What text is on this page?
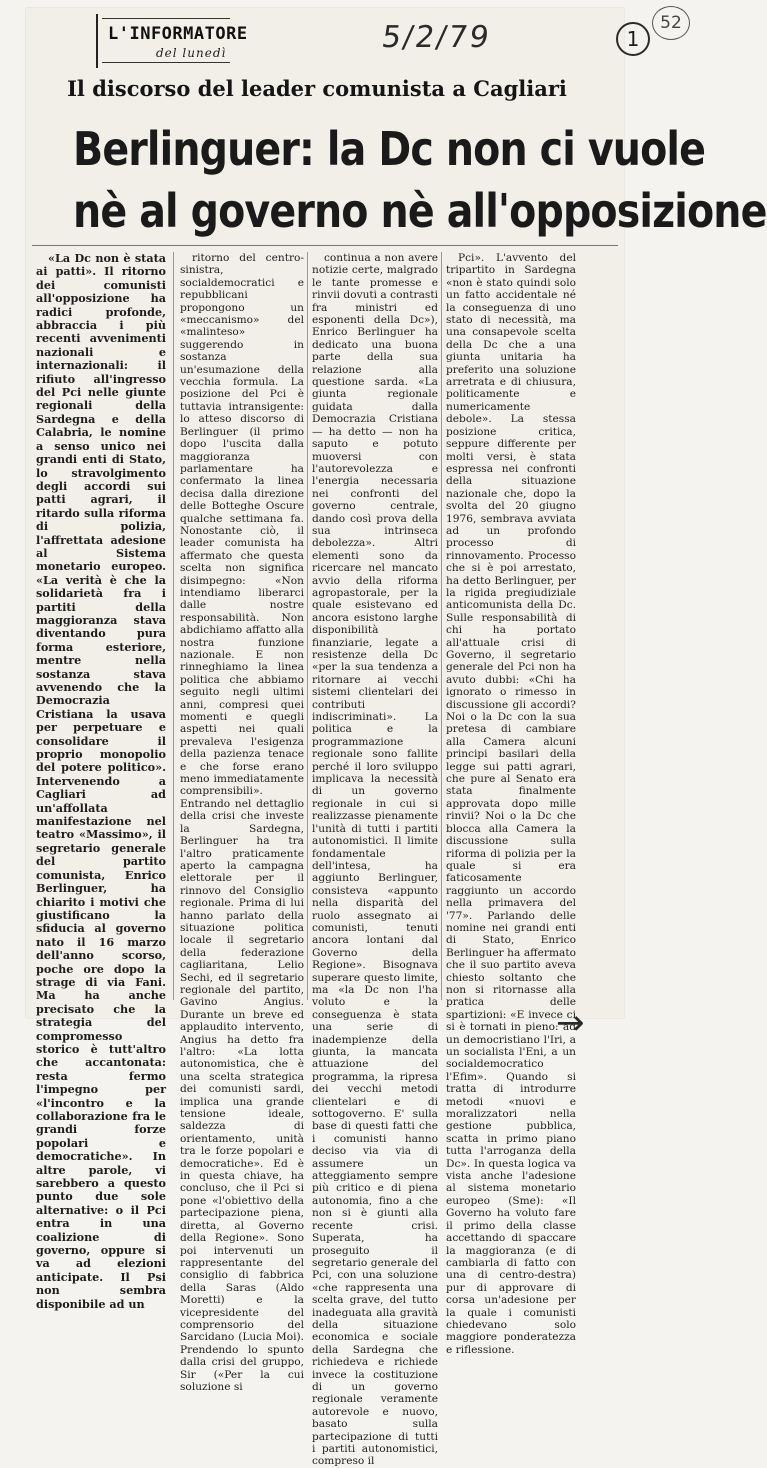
L'INFORMATORE
del lunedì	5/2/79	1
52
Il discorso del leader comunista a Cagliari
Berlinguer: la Dc non ci vuole
nè al governo nè all'opposizione

«La Dc non è stata ai patti». Il ritorno dei comunisti all'opposizione ha radici profonde, abbraccia i più recenti avvenimenti nazionali e internazionali: il rifiuto all'ingresso del Pci nelle giunte regionali della Sardegna e della Calabria, le nomine a senso unico nei grandi enti di Stato, lo stravolgimento degli accordi sui patti agrari, il ritardo sulla riforma di polizia, l'affrettata adesione al Sistema monetario europeo. «La verità è che la solidarietà fra i partiti della maggioranza stava diventando pura forma esteriore, mentre nella sostanza stava avvenendo che la Democrazia Cristiana la usava per perpetuare e consolidare il proprio monopolio del potere politico». Intervenendo a Cagliari ad un'affollata manifestazione nel teatro «Massimo», il segretario generale del partito comunista, Enrico Berlinguer, ha chiarito i motivi che giustificano la sfiducia al governo nato il 16 marzo dell'anno scorso, poche ore dopo la strage di via Fani. Ma ha anche precisato che la strategia del compromesso storico è tutt'altro che accantonata: resta fermo l'impegno per «l'incontro e la collaborazione fra le grandi forze popolari e democratiche». In altre parole, vi sarebbero a questo punto due sole alternative: o il Pci entra in una coalizione di governo, oppure si va ad elezioni anticipate. Il Psi non sembra disponibile ad un

ritorno del centro-sinistra, socialdemocratici e repubblicani propongono un «meccanismo» del «malinteso» suggerendo in sostanza un'esumazione della vecchia formula. La posizione del Pci è tuttavia intransigente: lo atteso discorso di Berlinguer (il primo dopo l'uscita dalla maggioranza parlamentare ha confermato la linea decisa dalla direzione delle Botteghe Oscure qualche settimana fa. Nonostante ciò, il leader comunista ha affermato che questa scelta non significa disimpegno: «Non intendiamo liberarci dalle nostre responsabilità. Non abdichiamo affatto alla nostra funzione nazionale. E non rinneghiamo la linea politica che abbiamo seguito negli ultimi anni, compresi quei momenti e quegli aspetti nei quali prevaleva l'esigenza della pazienza tenace e che forse erano meno immediatamente comprensibili». Entrando nel dettaglio della crisi che investe la Sardegna, Berlinguer ha tra l'altro praticamente aperto la campagna elettorale per il rinnovo del Consiglio regionale. Prima di lui hanno parlato della situazione politica locale il segretario della federazione cagliaritana, Lelio Sechi, ed il segretario regionale del partito, Gavino Angius. Durante un breve ed applaudito intervento, Angius ha detto fra l'altro: «La lotta autonomistica, che è una scelta strategica dei comunisti sardi, implica una grande tensione ideale, saldezza di orientamento, unità tra le forze popolari e democratiche». Ed è in questa chiave, ha concluso, che il Pci si pone «l'obiettivo della partecipazione piena, diretta, al Governo della Regione». Sono poi intervenuti un rappresentante del consiglio di fabbrica della Saras (Aldo Moretti) e la vicepresidente del comprensorio del Sarcidano (Lucia Moi). Prendendo lo spunto dalla crisi del gruppo, Sir («Per la cui soluzione si

continua a non avere notizie certe, malgrado le tante promesse e rinvii dovuti a contrasti fra ministri ed esponenti della Dc»), Enrico Berlinguer ha dedicato una buona parte della sua relazione alla questione sarda. «La giunta regionale guidata dalla Democrazia Cristiana — ha detto — non ha saputo e potuto muoversi con l'autorevolezza e l'energia necessaria nei confronti del governo centrale, dando così prova della sua intrinseca debolezza». Altri elementi sono da ricercare nel mancato avvio della riforma agropastorale, per la quale esistevano ed ancora esistono larghe disponibilità finanziarie, legate a resistenze della Dc «per la sua tendenza a ritornare ai vecchi sistemi clientelari dei contributi indiscriminati». La politica e la programmazione regionale sono fallite perché il loro sviluppo implicava la necessità di un governo regionale in cui si realizzasse pienamente l'unità di tutti i partiti autonomistici. Il limite fondamentale dell'intesa, ha aggiunto Berlinguer, consisteva «appunto nella disparità del ruolo assegnato ai comunisti, tenuti ancora lontani dal Governo della Regione». Bisognava superare questo limite, ma «la Dc non l'ha voluto e la conseguenza è stata una serie di inadempienze della giunta, la mancata attuazione del programma, la ripresa dei vecchi metodi clientelari e di sottogoverno. E' sulla base di questi fatti che i comunisti hanno deciso via via di assumere un atteggiamento sempre più critico e di piena autonomia, fino a che non si è giunti alla recente crisi. Superata, ha proseguito il segretario generale del Pci, con una soluzione «che rappresenta una scelta grave, del tutto inadeguata alla gravità della situazione economica e sociale della Sardegna che richiedeva e richiede invece la costituzione di un governo regionale veramente autorevole e nuovo, basato sulla partecipazione di tutti i partiti autonomistici, compreso il

Pci». L'avvento del tripartito in Sardegna «non è stato quindi solo un fatto accidentale né la conseguenza di uno stato di necessità, ma una consapevole scelta della Dc che a una giunta unitaria ha preferito una soluzione arretrata e di chiusura, politicamente e numericamente debole». La stessa posizione critica, seppure differente per molti versi, è stata espressa nei confronti della situazione nazionale che, dopo la svolta del 20 giugno 1976, sembrava avviata ad un profondo processo di rinnovamento. Processo che si è poi arrestato, ha detto Berlinguer, per la rigida pregiudiziale anticomunista della Dc. Sulle responsabilità di chi ha portato all'attuale crisi di Governo, il segretario generale del Pci non ha avuto dubbi: «Chi ha ignorato o rimesso in discussione gli accordi? Noi o la Dc con la sua pretesa di cambiare alla Camera alcuni principi basilari della legge sui patti agrari, che pure al Senato era stata finalmente approvata dopo mille rinvii? Noi o la Dc che blocca alla Camera la discussione sulla riforma di polizia per la quale si era faticosamente raggiunto un accordo nella primavera del '77». Parlando delle nomine nei grandi enti di Stato, Enrico Berlinguer ha affermato che il suo partito aveva chiesto soltanto che non si ritornasse alla pratica delle spartizioni: «E invece ci si è tornati in pieno: ad un democristiano l'Iri, a un socialista l'Eni, a un socialdemocratico l'Efim». Quando si tratta di introdurre metodi «nuovi e moralizzatori nella gestione pubblica, scatta in primo piano tutta l'arroganza della Dc». In questa logica va vista anche l'adesione al sistema monetario europeo (Sme): «Il Governo ha voluto fare il primo della classe accettando di spaccare la maggioranza (e di cambiarla di fatto con una di centro-destra) pur di approvare di corsa un'adesione per la quale i comunisti chiedevano solo maggiore ponderatezza e riflessione.

→
